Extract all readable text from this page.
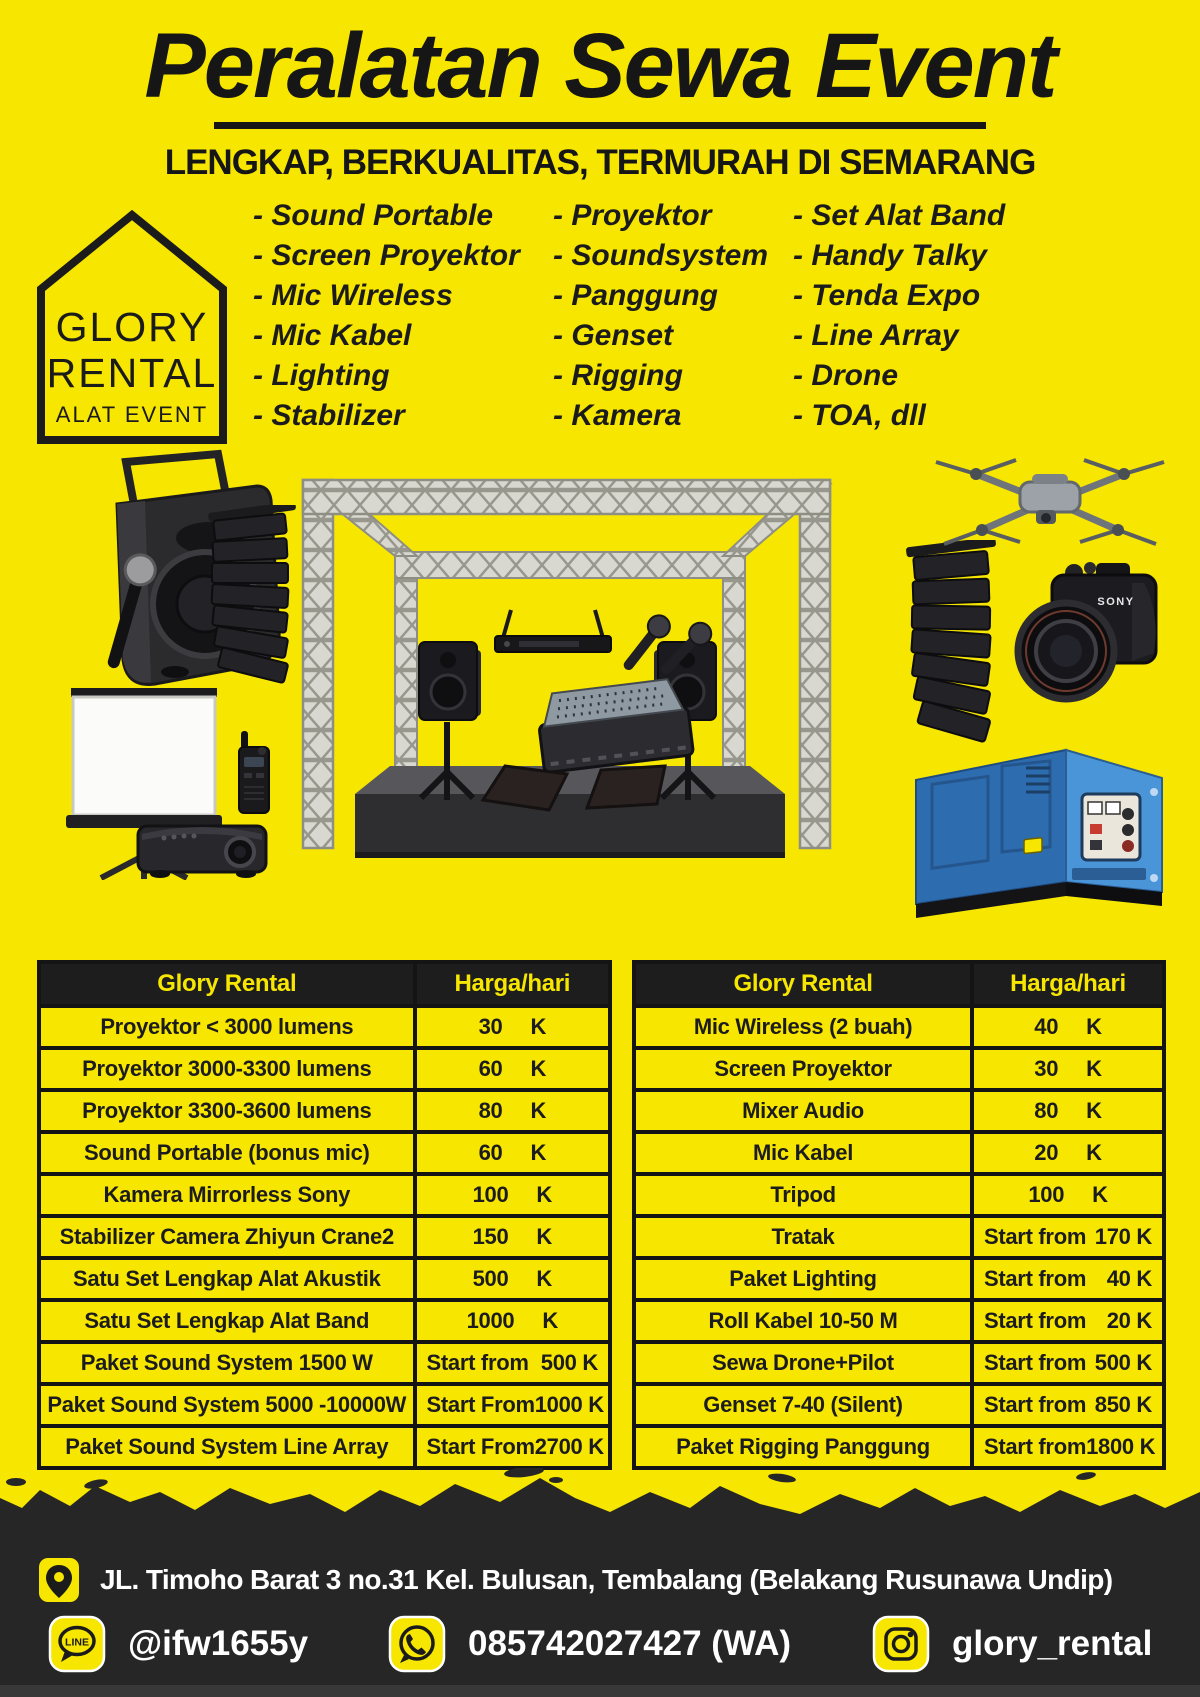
Peralatan Sewa Event
LENGKAP, BERKUALITAS, TERMURAH DI SEMARANG
GLORY
RENTAL
ALAT EVENT
- Sound Portable
- Screen Proyektor
- Mic Wireless
- Mic Kabel
- Lighting
- Stabilizer
- Proyektor
- Soundsystem
- Panggung
- Genset
- Rigging
- Kamera
- Set Alat Band
- Handy Talky
- Tenda Expo
- Line Array
- Drone
- TOA, dll
SONY
Glory Rental	Harga/hari
Proyektor < 3000 lumens	30 K
Proyektor 3000-3300 lumens	60 K
Proyektor 3300-3600 lumens	80 K
Sound Portable (bonus mic)	60 K
Kamera Mirrorless Sony	100 K
Stabilizer Camera Zhiyun Crane2	150 K
Satu Set Lengkap Alat Akustik	500 K
Satu Set Lengkap Alat Band	1000 K
Paket Sound System 1500 W	Start from 500 K
Paket Sound System 5000 -10000W Start From 1000 K
Paket Sound System Line Array	Start From 2700 K
Glory Rental	Harga/hari
Mic Wireless (2 buah)	40 K
Screen Proyektor	30 K
Mixer Audio	80 K
Mic Kabel	20 K
Tripod	100 K
Tratak	Start from 170 K
Paket Lighting	Start from 40 K
Roll Kabel 10-50 M	Start from 20 K
Sewa Drone+Pilot	Start from 500 K
Genset 7-40 (Silent)	Start from 850 K
Paket Rigging Panggung	Start from 1800 K
JL. Timoho Barat 3 no.31 Kel. Bulusan, Tembalang (Belakang Rusunawa Undip)
LINE @ifw1655y	085742027427 (WA)	glory_rental
